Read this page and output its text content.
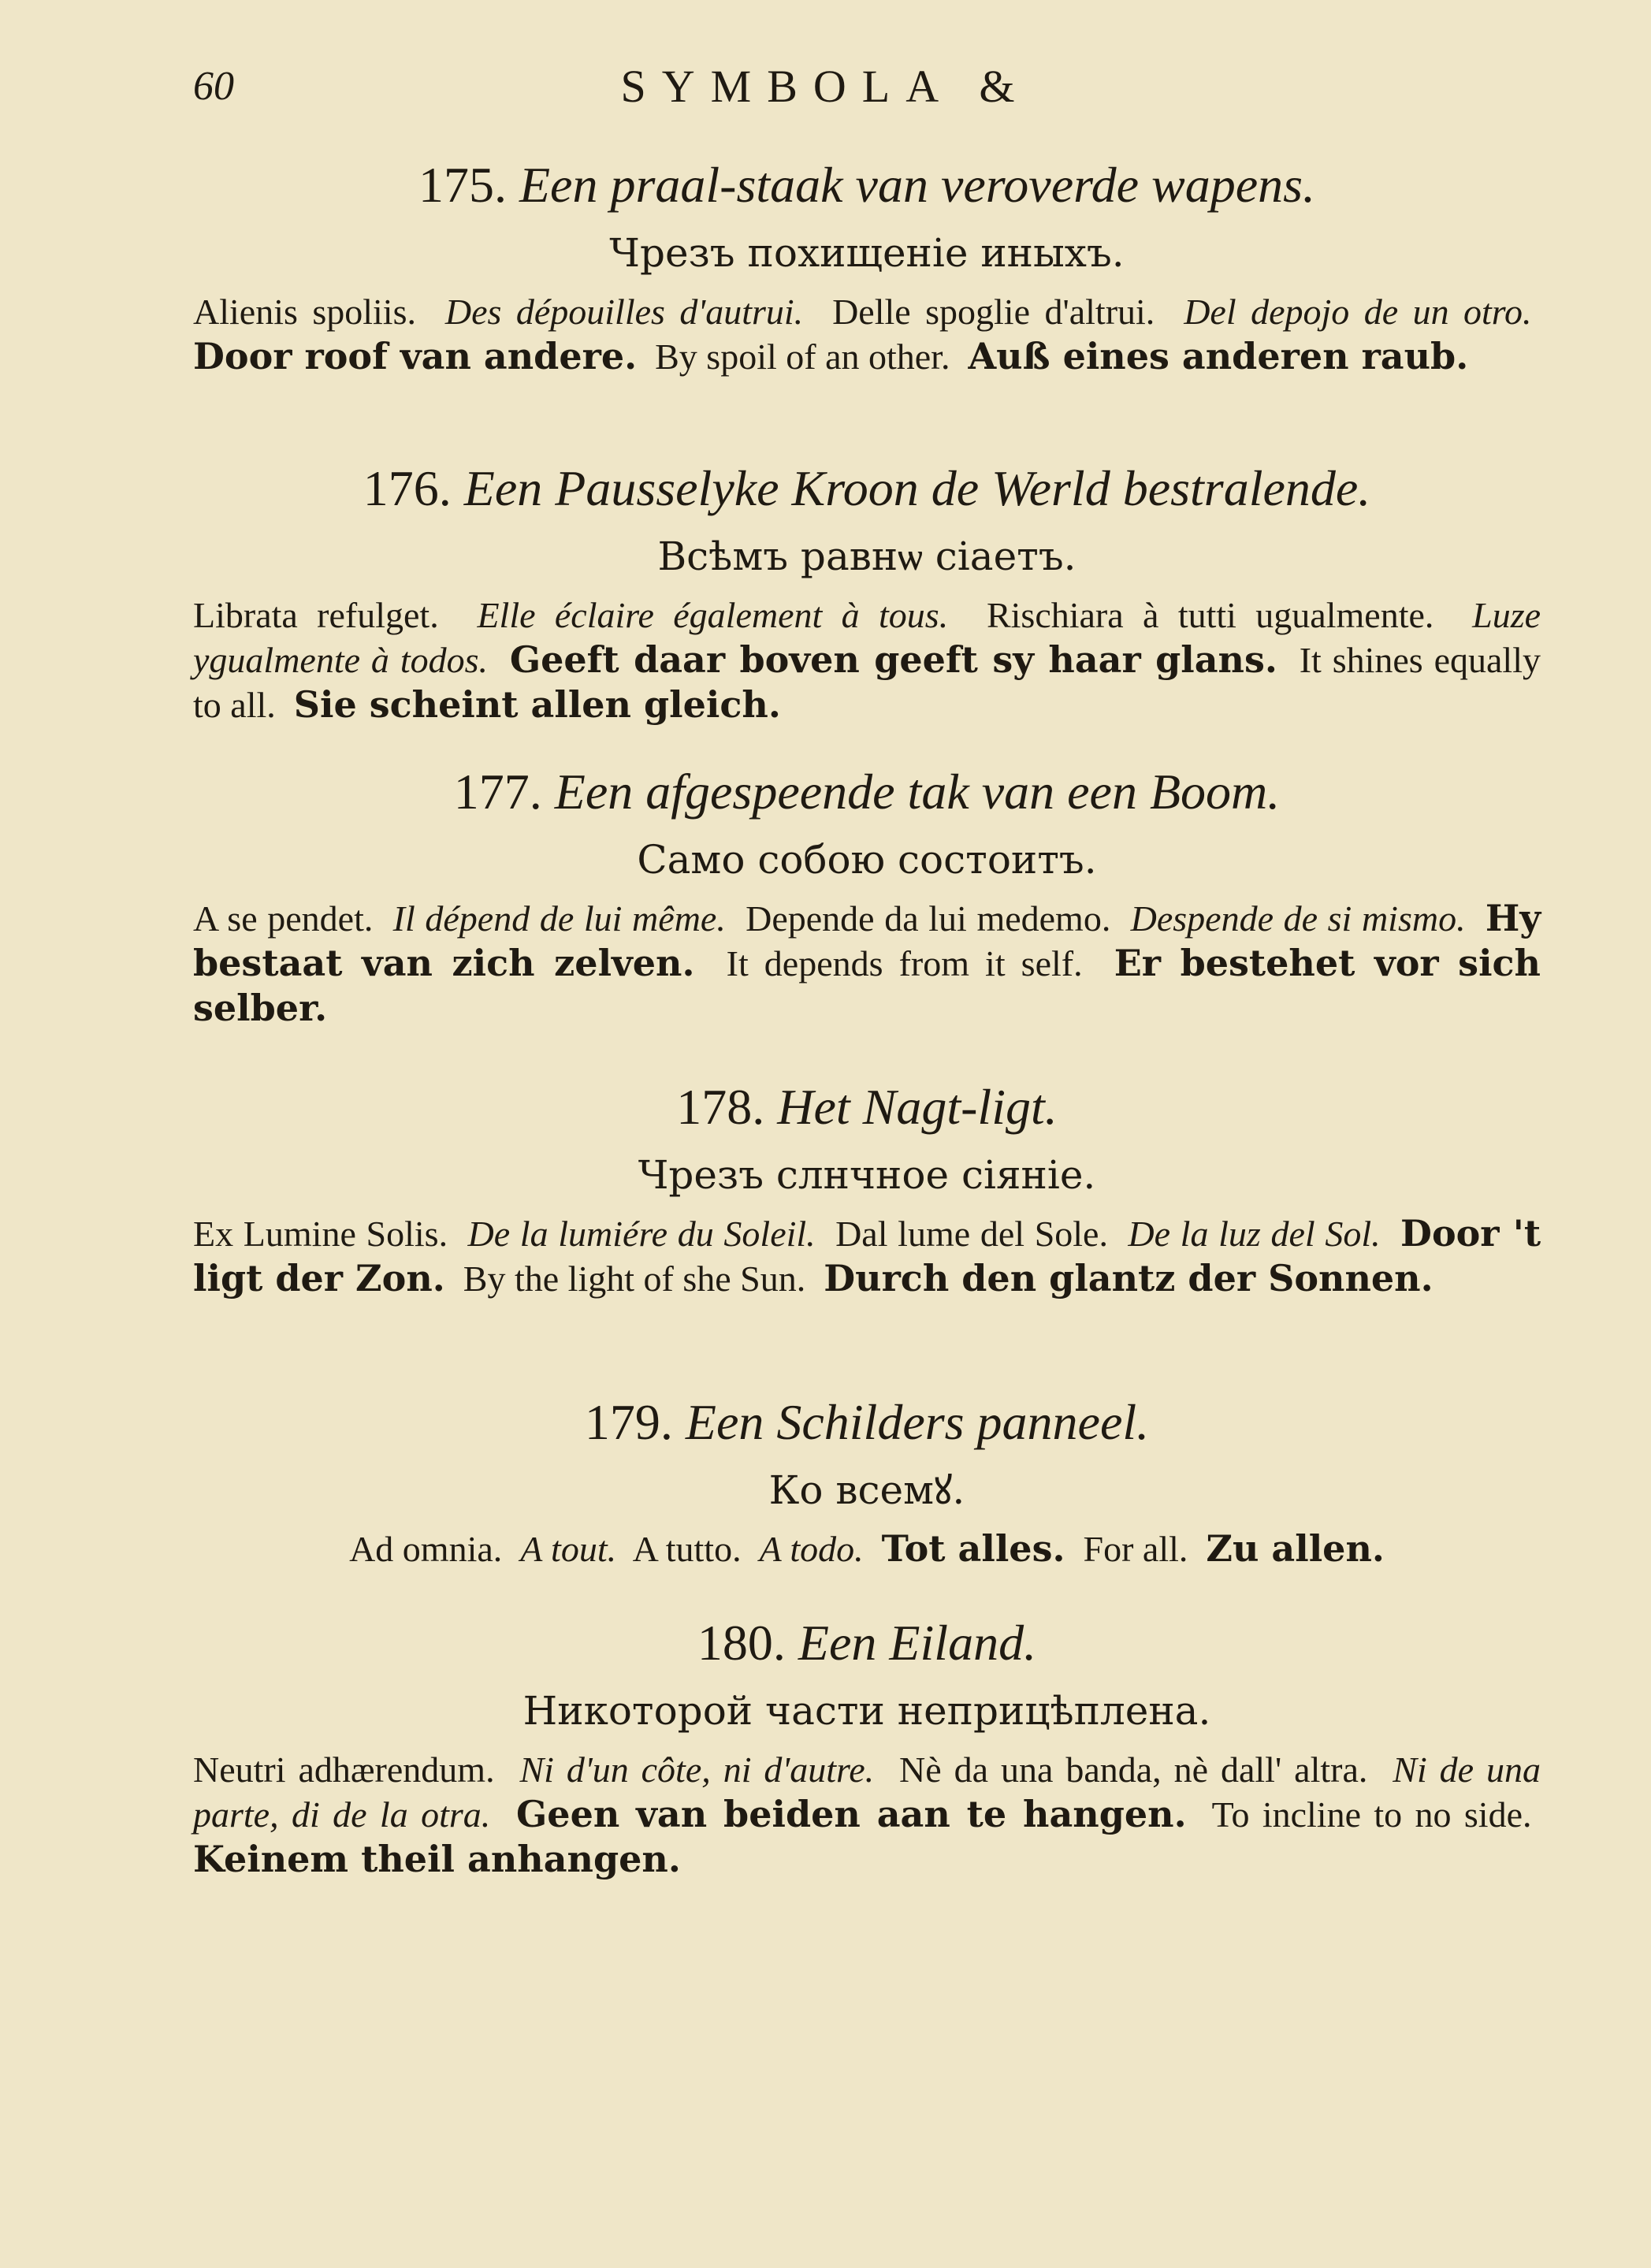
60	SYMBOLA &
175. Een praal-staak van veroverde wapens.
Чрезъ похищеніе иныхъ.
Alienis spoliis. Des dépouilles d'autrui. Delle spoglie d'altrui. Del depojo de un otro.  Door roof van andere. By spoil of an other. Auß eines anderen raub.
176. Een Pausselyke Kroon de Werld bestralende.
Всѣмъ равнѡ сіаетъ.
Librata refulget. Elle éclaire également à tous. Rischiara à tutti ugualmente. Luze ygualmente à todos. Geeft daar boven geeft sy haar glans. It shines equally to all. Sie scheint allen gleich.
177. Een afgespeende tak van een Boom.
Само собою состоитъ.
A se pendet. Il dépend de lui même. Depende da lui medemo. Despende de si mismo. Hy bestaat van zich zelven. It depends from it self. Er bestehet vor sich selber.
178. Het Nagt-ligt.
Чрезъ слнчное сіяніе.
Ex Lumine Solis. De la lumiére du Soleil. Dal lume del Sole. De la luz del Sol. Door 't ligt der Zon. By the light of she Sun. Durch den glantz der Sonnen.
179. Een Schilders panneel.
Ко всемꙋ.
Ad omnia. A tout. A tutto. A todo. Tot alles. For all. Zu allen.
180. Een Eiland.
Никоторой части неприцѣплена.
Neutri adhærendum. Ni d'un côte, ni d'autre. Nè da una banda, nè dall' altra. Ni de una parte, di de la otra. Geen van beiden aan te hangen. To incline to no side.  Keinem theil anhangen.
